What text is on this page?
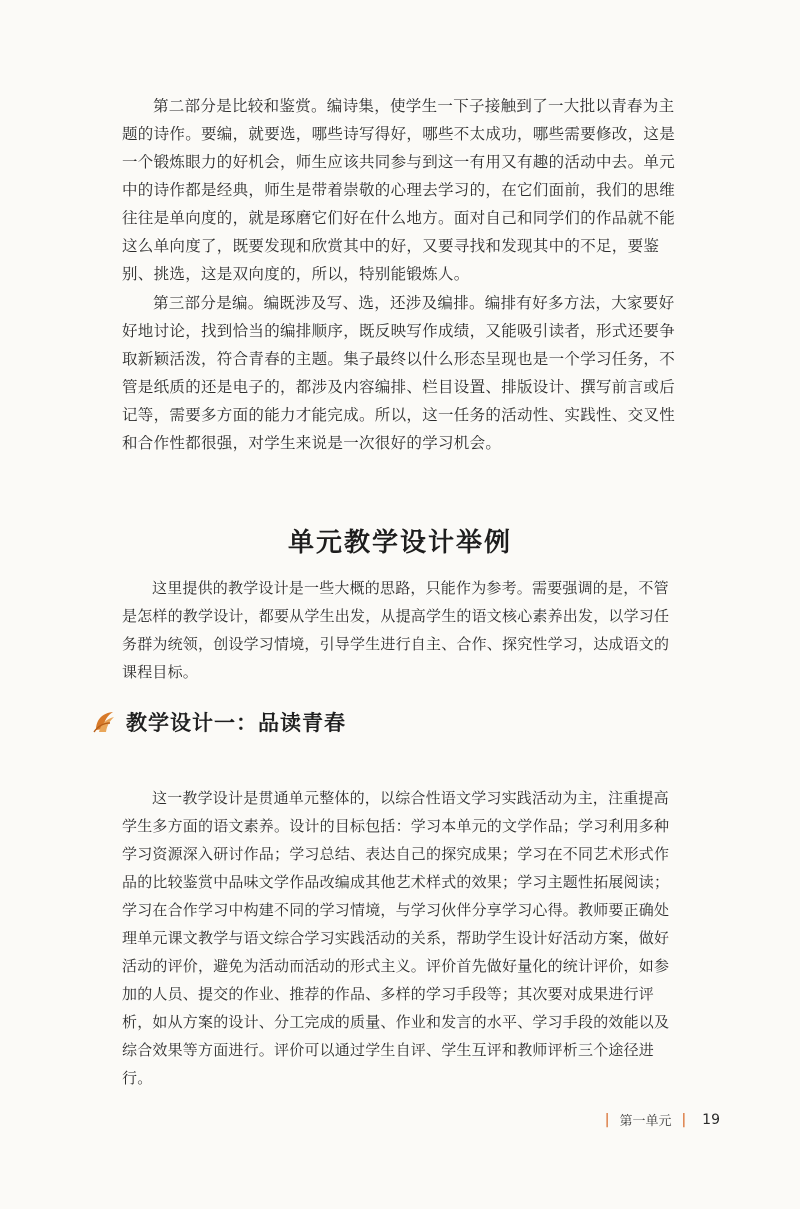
第二部分是比较和鉴赏。编诗集，使学生一下子接触到了一大批以青春为主题的诗作。要编，就要选，哪些诗写得好，哪些不太成功，哪些需要修改，这是一个锻炼眼力的好机会，师生应该共同参与到这一有用又有趣的活动中去。单元中的诗作都是经典，师生是带着崇敬的心理去学习的，在它们面前，我们的思维往往是单向度的，就是琢磨它们好在什么地方。面对自己和同学们的作品就不能这么单向度了，既要发现和欣赏其中的好，又要寻找和发现其中的不足，要鉴别、挑选，这是双向度的，所以，特别能锻炼人。

第三部分是编。编既涉及写、选，还涉及编排。编排有好多方法，大家要好好地讨论，找到恰当的编排顺序，既反映写作成绩，又能吸引读者，形式还要争取新颖活泼，符合青春的主题。集子最终以什么形态呈现也是一个学习任务，不管是纸质的还是电子的，都涉及内容编排、栏目设置、排版设计、撰写前言或后记等，需要多方面的能力才能完成。所以，这一任务的活动性、实践性、交叉性和合作性都很强，对学生来说是一次很好的学习机会。

单元教学设计举例

这里提供的教学设计是一些大概的思路，只能作为参考。需要强调的是，不管是怎样的教学设计，都要从学生出发，从提高学生的语文核心素养出发，以学习任务群为统领，创设学习情境，引导学生进行自主、合作、探究性学习，达成语文的课程目标。

教学设计一：品读青春

这一教学设计是贯通单元整体的，以综合性语文学习实践活动为主，注重提高学生多方面的语文素养。设计的目标包括：学习本单元的文学作品；学习利用多种学习资源深入研讨作品；学习总结、表达自己的探究成果；学习在不同艺术形式作品的比较鉴赏中品味文学作品改编成其他艺术样式的效果；学习主题性拓展阅读；学习在合作学习中构建不同的学习情境，与学习伙伴分享学习心得。教师要正确处理单元课文教学与语文综合学习实践活动的关系，帮助学生设计好活动方案，做好活动的评价，避免为活动而活动的形式主义。评价首先做好量化的统计评价，如参加的人员、提交的作业、推荐的作品、多样的学习手段等；其次要对成果进行评析，如从方案的设计、分工完成的质量、作业和发言的水平、学习手段的效能以及综合效果等方面进行。评价可以通过学生自评、学生互评和教师评析三个途径进行。

| 第一单元 | 19
